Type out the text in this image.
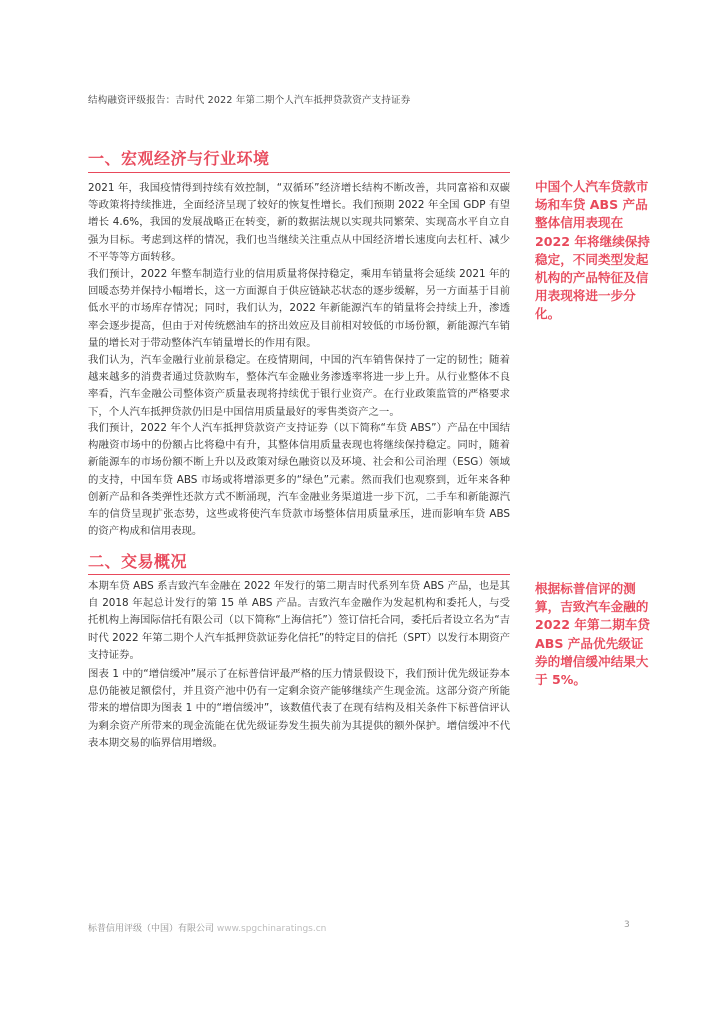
结构融资评级报告：吉时代 2022 年第二期个人汽车抵押贷款资产支持证券
一、宏观经济与行业环境
2021 年，我国疫情得到持续有效控制，“双循环”经济增长结构不断改善，共同富裕和双碳等政策将持续推进，全面经济呈现了较好的恢复性增长。我们预期 2022 年全国 GDP 有望增长 4.6%，我国的发展战略正在转变，新的数据法规以实现共同繁荣、实现高水平自立自强为目标。考虑到这样的情况，我们也当继续关注重点从中国经济增长速度向去杠杆、减少不平等等方面转移。
我们预计，2022 年整车制造行业的信用质量将保持稳定，乘用车销量将会延续 2021 年的回暖态势并保持小幅增长，这一方面源自于供应链缺芯状态的逐步缓解，另一方面基于目前低水平的市场库存情况；同时，我们认为，2022 年新能源汽车的销量将会持续上升，渗透率会逐步提高，但由于对传统燃油车的挤出效应及目前相对较低的市场份额，新能源汽车销量的增长对于带动整体汽车销量增长的作用有限。
我们认为，汽车金融行业前景稳定。在疫情期间，中国的汽车销售保持了一定的韧性；随着越来越多的消费者通过贷款购车，整体汽车金融业务渗透率将进一步上升。从行业整体不良率看，汽车金融公司整体资产质量表现将持续优于银行业资产。在行业政策监管的严格要求下，个人汽车抵押贷款仍旧是中国信用质量最好的零售类资产之一。
我们预计，2022 年个人汽车抵押贷款资产支持证券（以下简称“车贷 ABS”）产品在中国结构融资市场中的份额占比将稳中有升，其整体信用质量表现也将继续保持稳定。同时，随着新能源车的市场份额不断上升以及政策对绿色融资以及环境、社会和公司治理（ESG）领域的支持，中国车贷 ABS 市场或将增添更多的“绿色”元素。然而我们也观察到，近年来各种创新产品和各类弹性还款方式不断涌现，汽车金融业务渠道进一步下沉，二手车和新能源汽车的信贷呈现扩张态势，这些或将使汽车贷款市场整体信用质量承压，进而影响车贷 ABS 的资产构成和信用表现。
中国个人汽车贷款市场和车贷 ABS 产品整体信用表现在 2022 年将继续保持稳定，不同类型发起机构的产品特征及信用表现将进一步分化。
二、交易概况
本期车贷 ABS 系吉致汽车金融在 2022 年发行的第二期吉时代系列车贷 ABS 产品，也是其自 2018 年起总计发行的第 15 单 ABS 产品。吉致汽车金融作为发起机构和委托人，与受托机构上海国际信托有限公司（以下简称“上海信托”）签订信托合同，委托后者设立名为“吉时代 2022 年第二期个人汽车抵押贷款证券化信托”的特定目的信托（SPT）以发行本期资产支持证券。
图表 1 中的“增信缓冲”展示了在标普信评最严格的压力情景假设下，我们预计优先级证券本息仍能被足额偿付，并且资产池中仍有一定剩余资产能够继续产生现金流。这部分资产所能带来的增信即为图表 1 中的“增信缓冲”，该数值代表了在现有结构及相关条件下标普信评认为剩余资产所带来的现金流能在优先级证券发生损失前为其提供的额外保护。增信缓冲不代表本期交易的临界信用增级。
根据标普信评的测算，吉致汽车金融的 2022 年第二期车贷 ABS 产品优先级证券的增信缓冲结果大于 5%。
标普信用评级（中国）有限公司 www.spgchinaratings.cn	3
